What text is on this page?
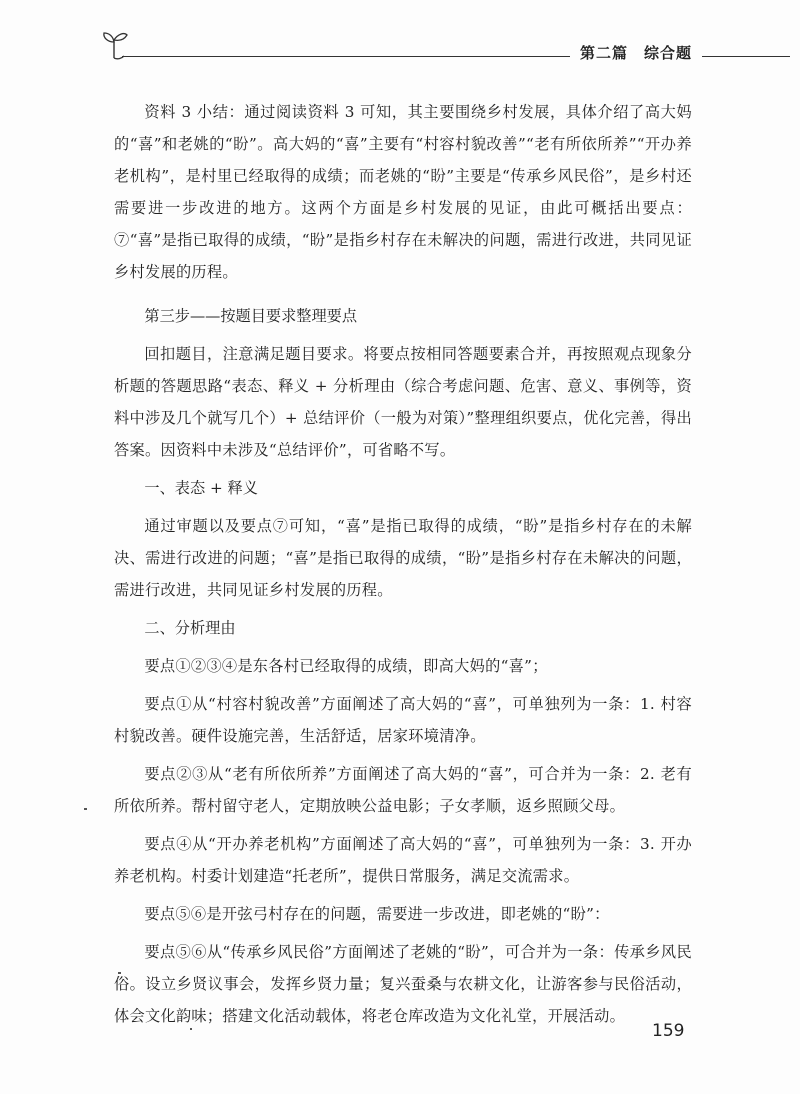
第二篇　综合题

资料 3 小结：通过阅读资料 3 可知，其主要围绕乡村发展，具体介绍了高大妈的“喜”和老姚的“盼”。高大妈的“喜”主要有“村容村貌改善”“老有所依所养”“开办养老机构”，是村里已经取得的成绩；而老姚的“盼”主要是“传承乡风民俗”，是乡村还需要进一步改进的地方。这两个方面是乡村发展的见证，由此可概括出要点：⑦“喜”是指已取得的成绩，“盼”是指乡村存在未解决的问题，需进行改进，共同见证乡村发展的历程。

第三步——按题目要求整理要点

回扣题目，注意满足题目要求。将要点按相同答题要素合并，再按照观点现象分析题的答题思路“表态、释义 + 分析理由（综合考虑问题、危害、意义、事例等，资料中涉及几个就写几个）+ 总结评价（一般为对策）”整理组织要点，优化完善，得出答案。因资料中未涉及“总结评价”，可省略不写。

一、表态 + 释义

通过审题以及要点⑦可知，“喜”是指已取得的成绩，“盼”是指乡村存在的未解决、需进行改进的问题；“喜”是指已取得的成绩，“盼”是指乡村存在未解决的问题，需进行改进，共同见证乡村发展的历程。

二、分析理由

要点①②③④是东各村已经取得的成绩，即高大妈的“喜”；

要点①从“村容村貌改善”方面阐述了高大妈的“喜”，可单独列为一条：1. 村容村貌改善。硬件设施完善，生活舒适，居家环境清净。

要点②③从“老有所依所养”方面阐述了高大妈的“喜”，可合并为一条：2. 老有所依所养。帮村留守老人，定期放映公益电影；子女孝顺，返乡照顾父母。

要点④从“开办养老机构”方面阐述了高大妈的“喜”，可单独列为一条：3. 开办养老机构。村委计划建造“托老所”，提供日常服务，满足交流需求。

要点⑤⑥是开弦弓村存在的问题，需要进一步改进，即老姚的“盼”：

要点⑤⑥从“传承乡风民俗”方面阐述了老姚的“盼”，可合并为一条：传承乡风民俗。设立乡贤议事会，发挥乡贤力量；复兴蚕桑与农耕文化，让游客参与民俗活动，体会文化韵味；搭建文化活动载体，将老仓库改造为文化礼堂，开展活动。

159
